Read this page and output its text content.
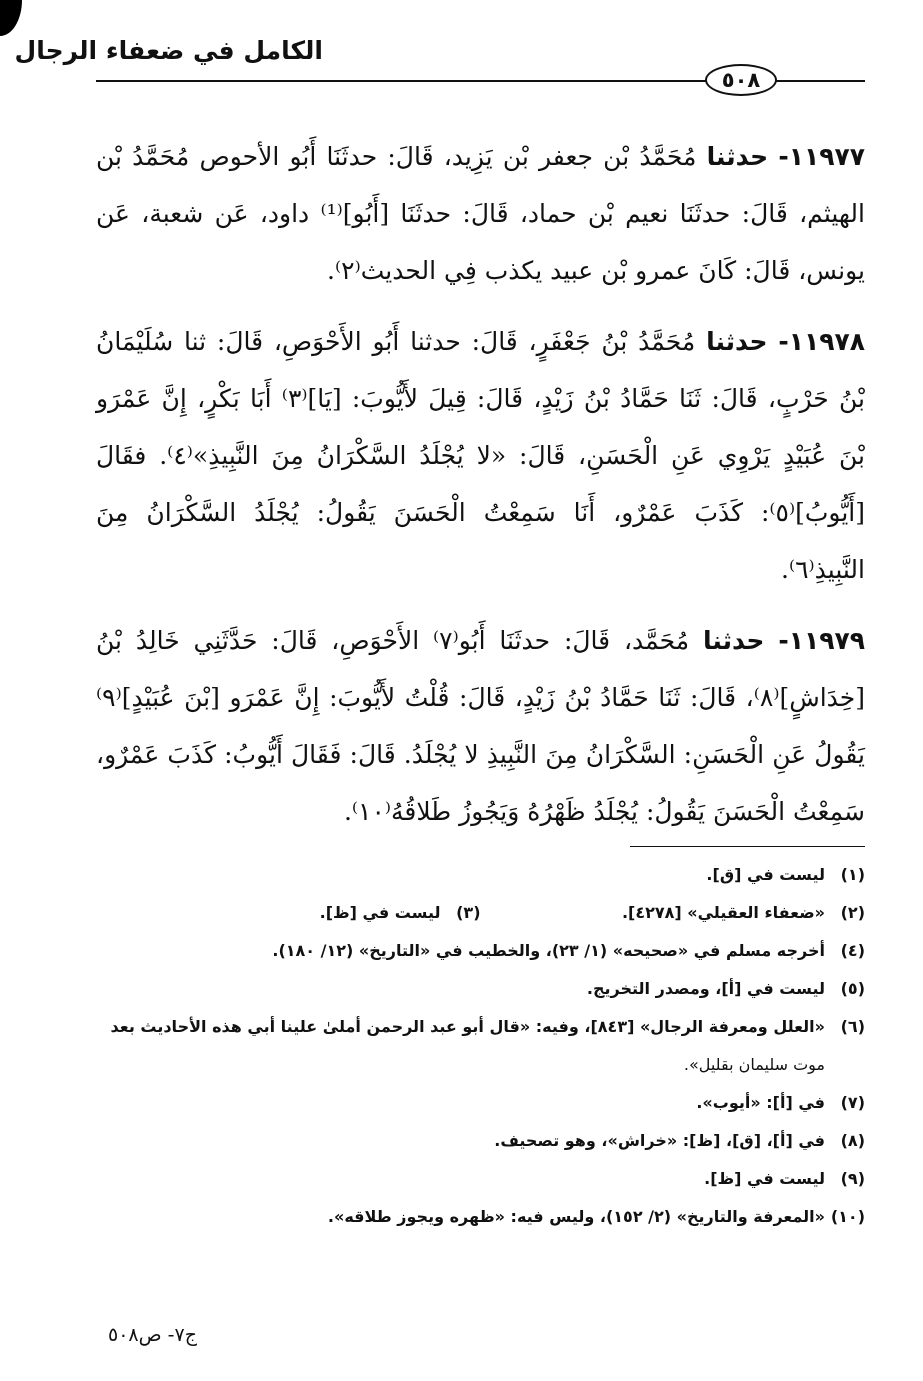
الكامل في ضعفاء الرجال
٥٠٨

١١٩٧٧- حدثنا مُحَمَّدُ بْن جعفر بْن يَزِيد، قَالَ: حدثَنَا أَبُو الأحوص مُحَمَّدُ بْن الهيثم، قَالَ: حدثَنَا نعيم بْن حماد، قَالَ: حدثَنَا [أَبُو]⁽¹⁾ داود، عَن شعبة، عَن يونس، قَالَ: كَانَ عمرو بْن عبيد يكذب فِي الحديث⁽٢⁾.

١١٩٧٨- حدثنا مُحَمَّدُ بْنُ جَعْفَرٍ، قَالَ: حدثنا أَبُو الأَحْوَصِ، قَالَ: ثنا سُلَيْمَانُ بْنُ حَرْبٍ، قَالَ: ثَنَا حَمَّادُ بْنُ زَيْدٍ، قَالَ: قِيلَ لأَيُّوبَ: [يَا]⁽٣⁾ أَبَا بَكْرٍ، إِنَّ عَمْرَو بْنَ عُبَيْدٍ يَرْوِي عَنِ الْحَسَنِ، قَالَ: «لا يُجْلَدُ السَّكْرَانُ مِنَ النَّبِيذِ»⁽٤⁾. فقَالَ [أَيُّوبُ]⁽٥⁾: كَذَبَ عَمْرٌو، أَنَا سَمِعْتُ الْحَسَنَ يَقُولُ: يُجْلَدُ السَّكْرَانُ مِنَ النَّبِيذِ⁽٦⁾.

١١٩٧٩- حدثنا مُحَمَّد، قَالَ: حدثَنَا أَبُو⁽٧⁾ الأَحْوَصِ، قَالَ: حَدَّثَنِي خَالِدُ بْنُ [خِدَاشٍ]⁽٨⁾، قَالَ: ثَنَا حَمَّادُ بْنُ زَيْدٍ، قَالَ: قُلْتُ لأَيُّوبَ: إِنَّ عَمْرَو [بْنَ عُبَيْدٍ]⁽٩⁾ يَقُولُ عَنِ الْحَسَنِ: السَّكْرَانُ مِنَ النَّبِيذِ لا يُجْلَدُ. قَالَ: فَقَالَ أَيُّوبُ: كَذَبَ عَمْرٌو، سَمِعْتُ الْحَسَنَ يَقُولُ: يُجْلَدُ ظَهْرُهُ وَيَجُوزُ طَلاقُهُ⁽١٠⁾.

(١)
ليست في [ق].
(٢)
«ضعفاء العقيلي» [٤٢٧٨].
(٣)
ليست في [ظ].
(٤)
أخرجه مسلم في «صحيحه» (١/ ٢٣)، والخطيب في «التاريخ» (١٢/ ١٨٠).
(٥)
ليست في [أ]، ومصدر التخريج.
(٦)
«العلل ومعرفة الرجال» [٨٤٣]، وفيه: «قال أبو عبد الرحمن أملىٰ علينا أبي هذه الأحاديث بعد
موت سليمان بقليل».
(٧)
في [أ]: «أيوب».
(٨)
في [أ]، [ق]، [ظ]: «خراش»، وهو تصحيف.
(٩)
ليست في [ظ].
(١٠)
«المعرفة والتاريخ» (٢/ ١٥٢)، وليس فيه: «ظهره ويجوز طلاقه».
ج٧- ص٥٠٨
